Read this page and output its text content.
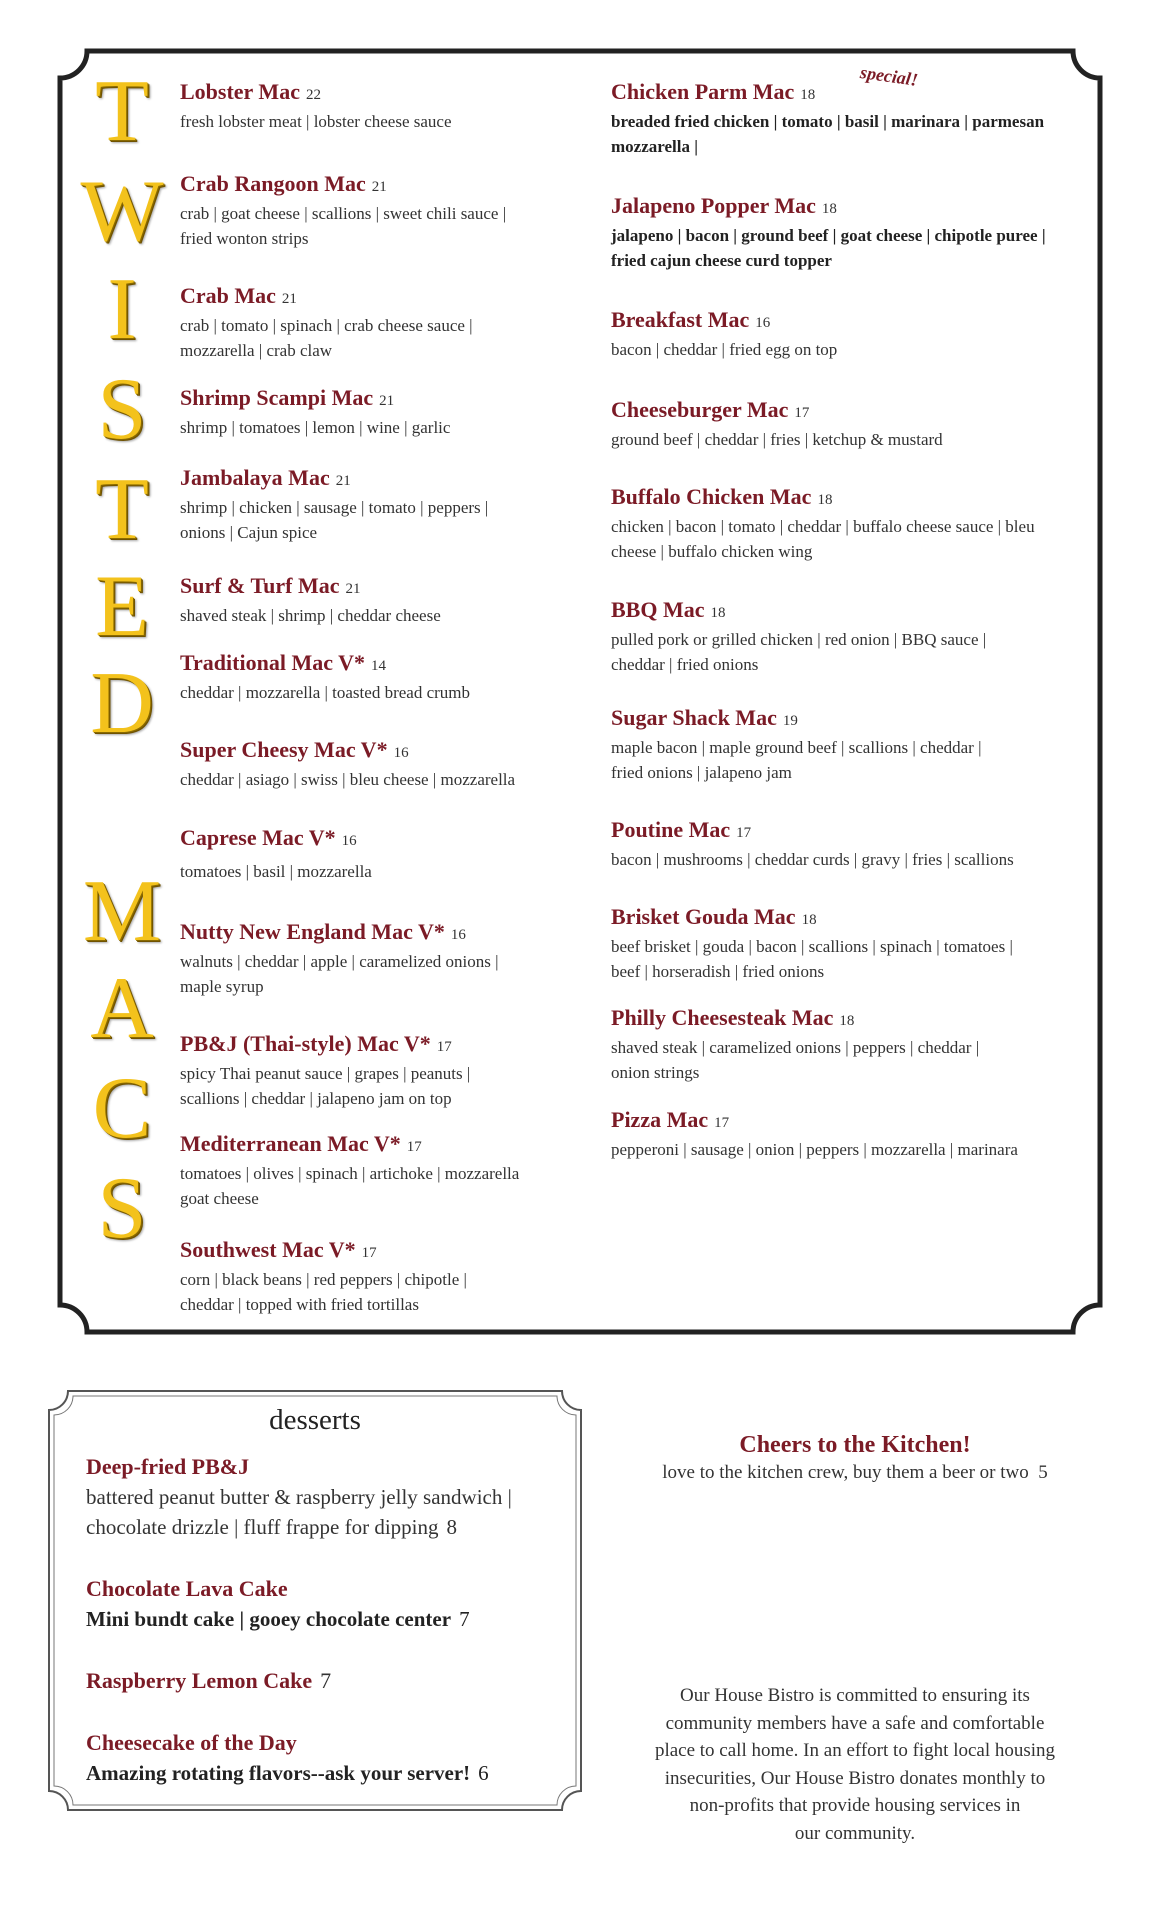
T
W
I
S
T
E
D
M
A
C
S
Lobster Mac 22
fresh lobster meat | lobster cheese sauce
Crab Rangoon Mac 21
crab | goat cheese | scallions | sweet chili sauce |
fried wonton strips
Crab Mac 21
crab | tomato | spinach | crab cheese sauce |
mozzarella | crab claw
Shrimp Scampi Mac 21
shrimp | tomatoes | lemon | wine | garlic
Jambalaya Mac 21
shrimp | chicken | sausage | tomato | peppers |
onions | Cajun spice
Surf & Turf Mac 21
shaved steak | shrimp | cheddar cheese
Traditional Mac V* 14
cheddar | mozzarella | toasted bread crumb
Super Cheesy Mac V* 16
cheddar | asiago | swiss | bleu cheese | mozzarella
Caprese Mac V* 16
tomatoes | basil | mozzarella
Nutty New England Mac V* 16
walnuts | cheddar | apple | caramelized onions |
maple syrup
PB&J (Thai-style) Mac V* 17
spicy Thai peanut sauce | grapes | peanuts |
scallions | cheddar | jalapeno jam on top
Mediterranean Mac V* 17
tomatoes | olives | spinach | artichoke | mozzarella
goat cheese
Southwest Mac V* 17
corn | black beans | red peppers | chipotle |
cheddar | topped with fried tortillas
special!
Chicken Parm Mac 18
breaded fried chicken | tomato | basil | marinara | parmesan
mozzarella |
Jalapeno Popper Mac 18
jalapeno | bacon | ground beef | goat cheese | chipotle puree |
fried cajun cheese curd topper
Breakfast Mac 16
bacon | cheddar | fried egg on top
Cheeseburger Mac 17
ground beef | cheddar | fries | ketchup & mustard
Buffalo Chicken Mac 18
chicken | bacon | tomato | cheddar | buffalo cheese sauce | bleu
cheese | buffalo chicken wing
BBQ Mac 18
pulled pork or grilled chicken | red onion | BBQ sauce |
cheddar | fried onions
Sugar Shack Mac 19
maple bacon | maple ground beef | scallions | cheddar |
fried onions | jalapeno jam
Poutine Mac 17
bacon | mushrooms | cheddar curds | gravy | fries | scallions
Brisket Gouda Mac 18
beef brisket | gouda | bacon | scallions | spinach | tomatoes |
beef | horseradish | fried onions
Philly Cheesesteak Mac 18
shaved steak | caramelized onions | peppers | cheddar |
onion strings
Pizza Mac 17
pepperoni | sausage | onion | peppers | mozzarella | marinara
desserts
Deep-fried PB&J
battered peanut butter & raspberry jelly sandwich |
chocolate drizzle | fluff frappe for dipping 8
Chocolate Lava Cake
Mini bundt cake | gooey chocolate center 7
Raspberry Lemon Cake 7
Cheesecake of the Day
Amazing rotating flavors--ask your server! 6
Cheers to the Kitchen!
love to the kitchen crew, buy them a beer or two 5
Our House Bistro is committed to ensuring its
community members have a safe and comfortable
place to call home. In an effort to fight local housing
insecurities, Our House Bistro donates monthly to
non-profits that provide housing services in
our community.
